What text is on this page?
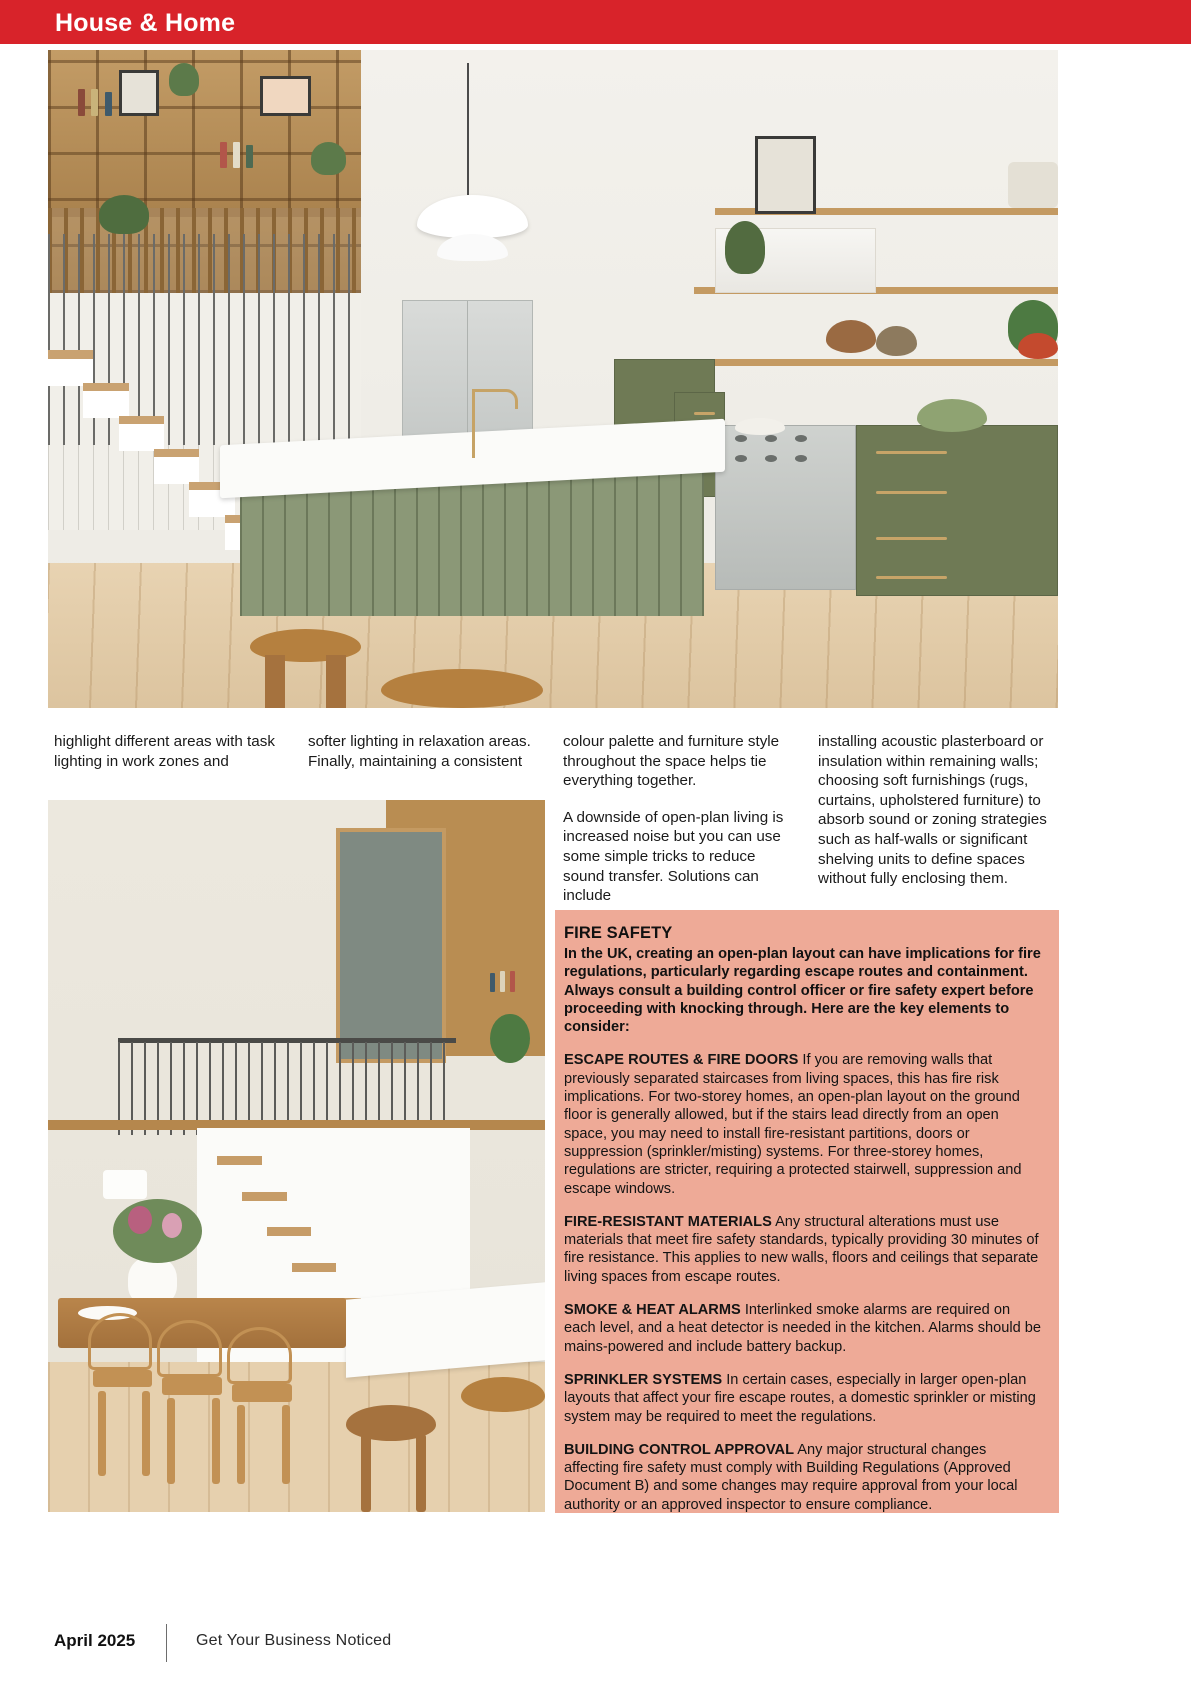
House & Home

highlight different areas with task lighting in work zones and

softer lighting in relaxation areas. Finally, maintaining a consistent

colour palette and furniture style throughout the space helps tie everything together.

A downside of open-plan living is increased noise but you can use some simple tricks to reduce sound transfer. Solutions can include

installing acoustic plasterboard or insulation within remaining walls; choosing soft furnishings (rugs, curtains, upholstered furniture) to absorb sound or zoning strategies such as half-walls or significant shelving units to define spaces without fully enclosing them.

FIRE SAFETY
In the UK, creating an open-plan layout can have implications for fire regulations, particularly regarding escape routes and containment. Always consult a building control officer or fire safety expert before proceeding with knocking through. Here are the key elements to consider:
ESCAPE ROUTES & FIRE DOORS If you are removing walls that previously separated staircases from living spaces, this has fire risk implications. For two-storey homes, an open-plan layout on the ground floor is generally allowed, but if the stairs lead directly from an open space, you may need to install fire-resistant partitions, doors or suppression (sprinkler/misting) systems. For three-storey homes, regulations are stricter, requiring a protected stairwell, suppression and escape windows.
FIRE-RESISTANT MATERIALS Any structural alterations must use materials that meet fire safety standards, typically providing 30 minutes of fire resistance. This applies to new walls, floors and ceilings that separate living spaces from escape routes.
SMOKE & HEAT ALARMS Interlinked smoke alarms are required on each level, and a heat detector is needed in the kitchen. Alarms should be mains-powered and include battery backup.
SPRINKLER SYSTEMS In certain cases, especially in larger open-plan layouts that affect your fire escape routes, a domestic sprinkler or misting system may be required to meet the regulations.
BUILDING CONTROL APPROVAL Any major structural changes affecting fire safety must comply with Building Regulations (Approved Document B) and some changes may require approval from your local authority or an approved inspector to ensure compliance.
April 2025	Get Your Business Noticed
